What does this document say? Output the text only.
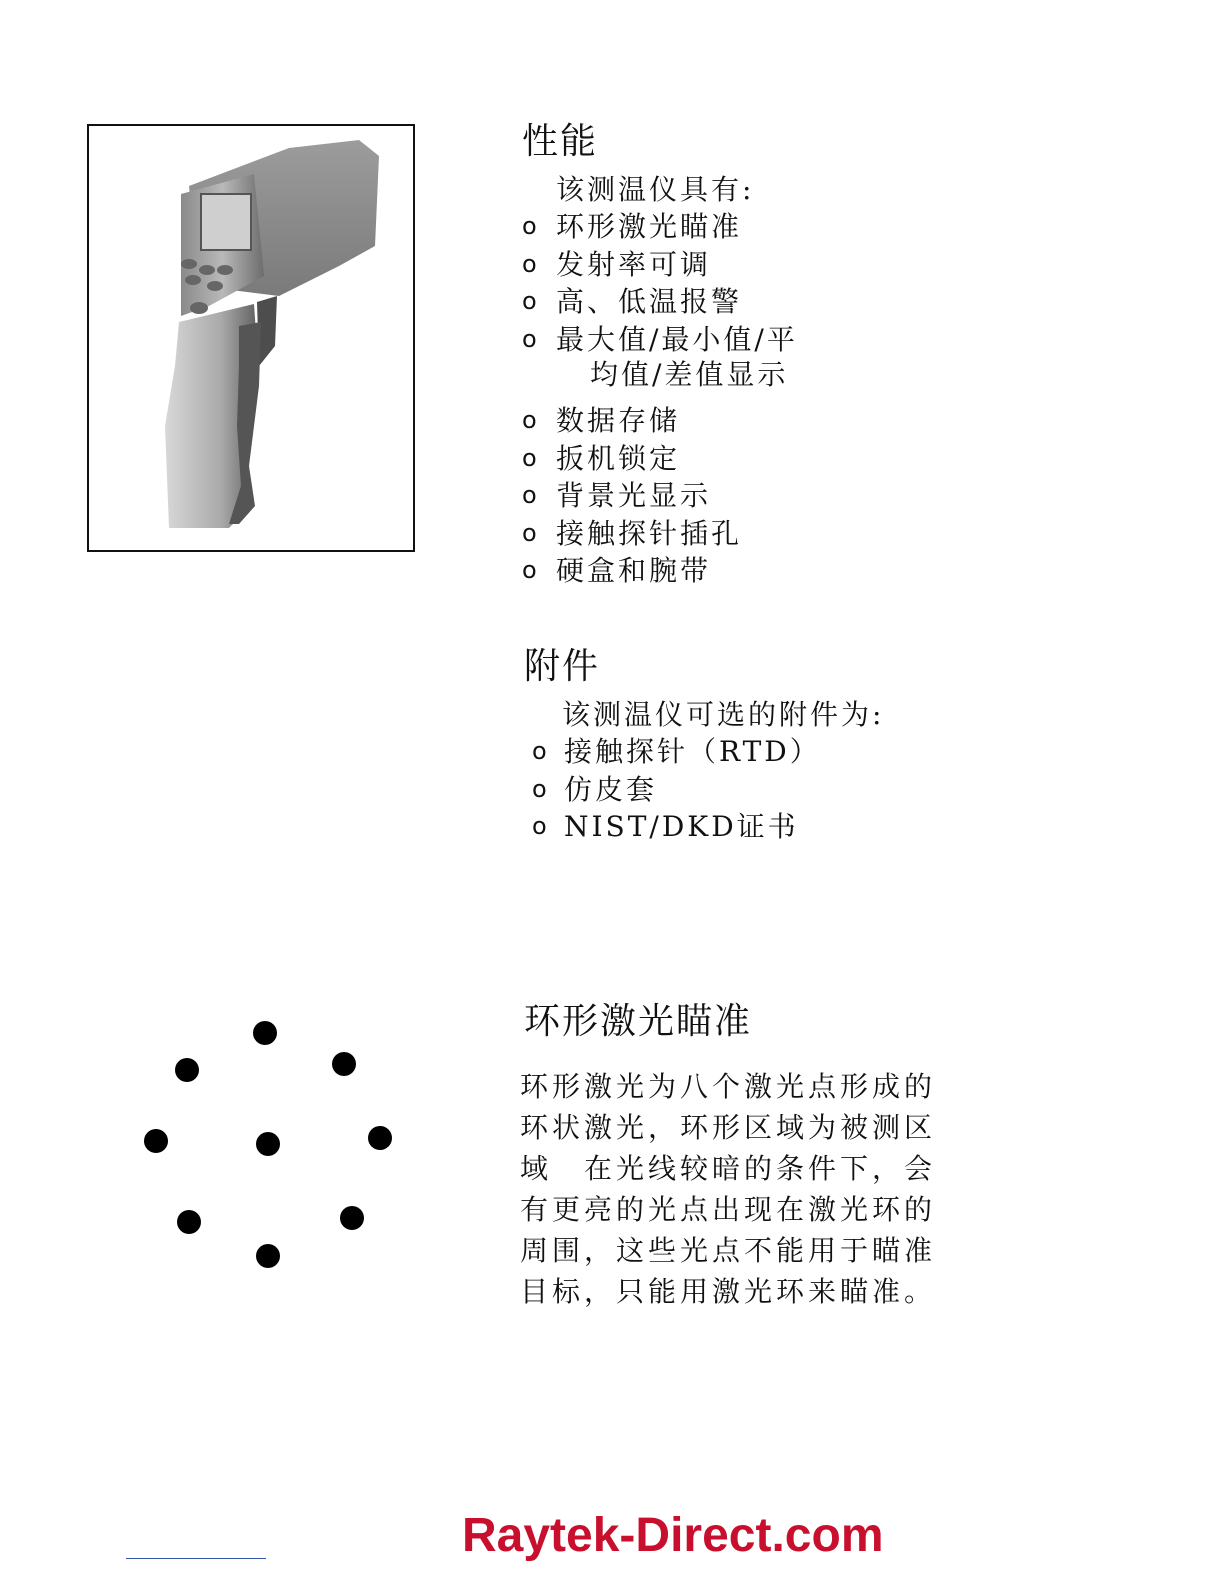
性能
该测温仪具有:
o 环形激光瞄准
o 发射率可调
o 高、低温报警
o 最大值/最小值/平
均值/差值显示
o 数据存储
o 扳机锁定
o 背景光显示
o 接触探针插孔
o 硬盒和腕带
附件
该测温仪可选的附件为:
o 接触探针（RTD）
o 仿皮套
o NIST/DKD证书
环形激光瞄准

环形激光为八个激光点形成的环状激光，环形区域为被测区域　在光线较暗的条件下，会有更亮的光点出现在激光环的周围，这些光点不能用于瞄准目标，只能用激光环来瞄准。

Raytek-Direct.com
